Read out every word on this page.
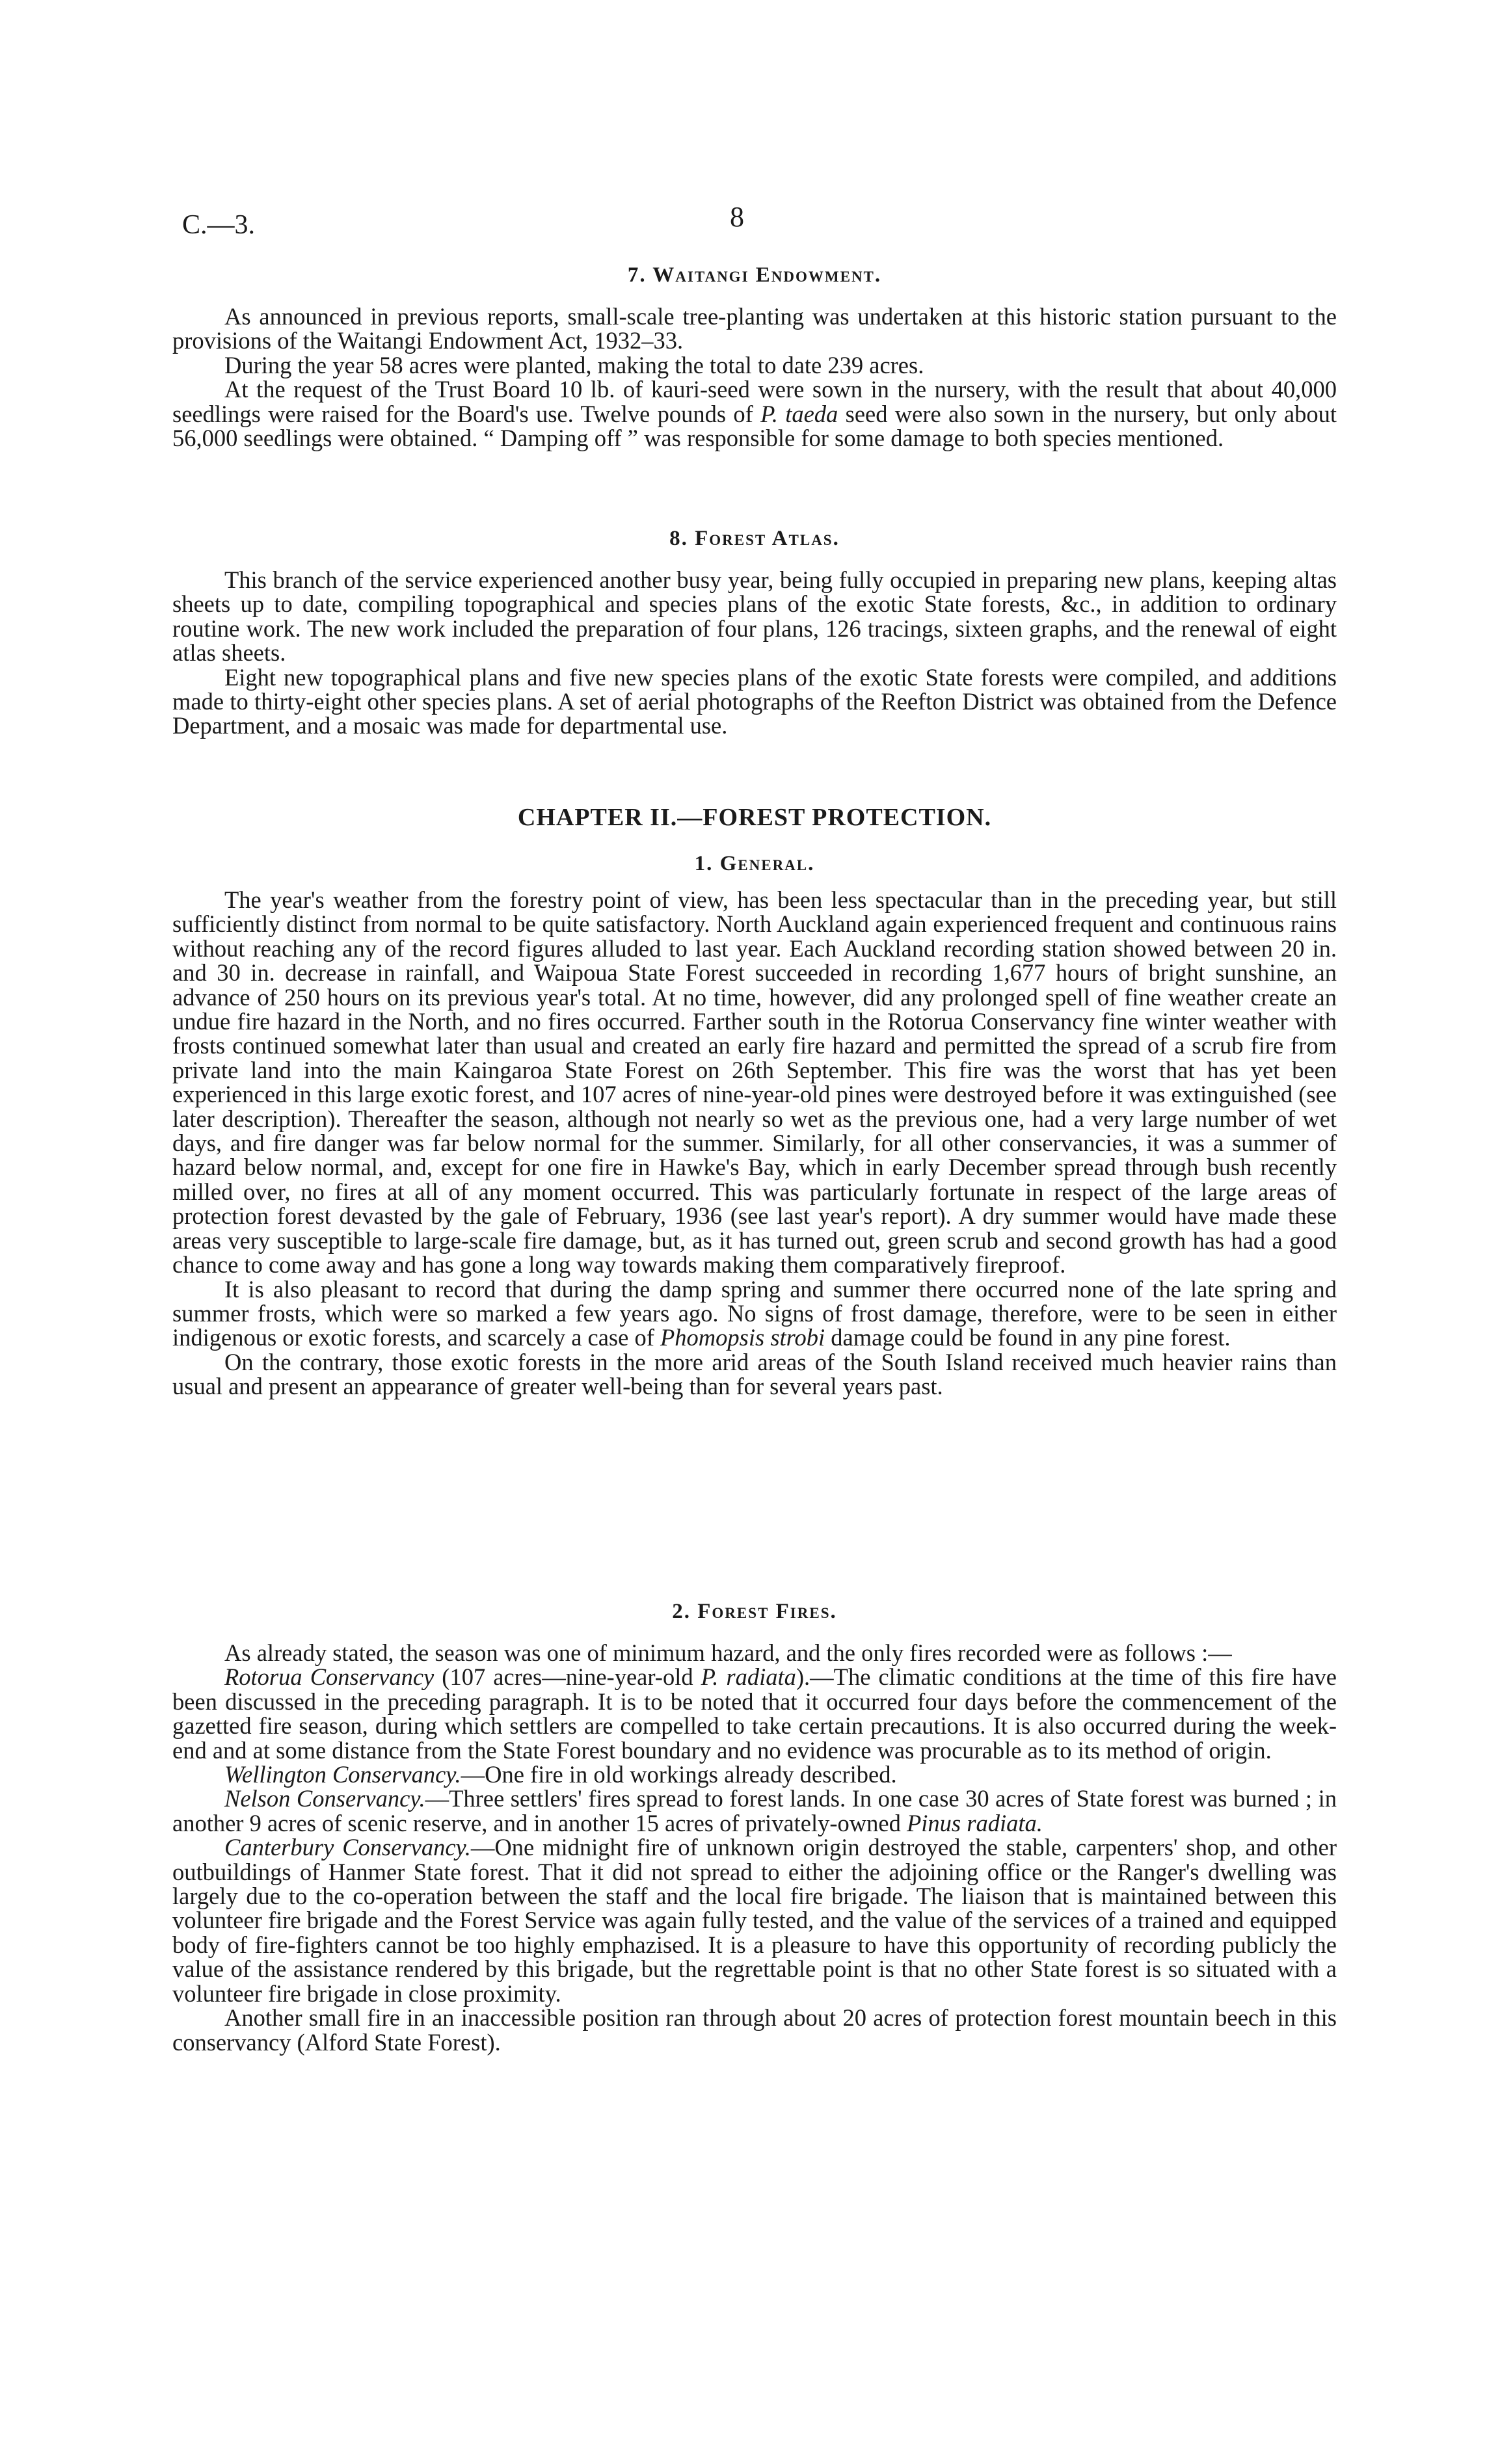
C.—3.	8
7. Waitangi Endowment.

As announced in previous reports, small-scale tree-planting was undertaken at this historic station pursuant to the provisions of the Waitangi Endowment Act, 1932–33.

During the year 58 acres were planted, making the total to date 239 acres.

At the request of the Trust Board 10 lb. of kauri-seed were sown in the nursery, with the result that about 40,000 seedlings were raised for the Board's use. Twelve pounds of P. taeda seed were also sown in the nursery, but only about 56,000 seedlings were obtained. “ Damping off ” was responsible for some damage to both species mentioned.

8. Forest Atlas.

This branch of the service experienced another busy year, being fully occupied in preparing new plans, keeping altas sheets up to date, compiling topographical and species plans of the exotic State forests, &c., in addition to ordinary routine work. The new work included the preparation of four plans, 126 tracings, sixteen graphs, and the renewal of eight atlas sheets.

Eight new topographical plans and five new species plans of the exotic State forests were compiled, and additions made to thirty-eight other species plans. A set of aerial photographs of the Reefton District was obtained from the Defence Department, and a mosaic was made for departmental use.

CHAPTER II.—FOREST PROTECTION.
1. General.

The year's weather from the forestry point of view, has been less spectacular than in the preceding year, but still sufficiently distinct from normal to be quite satisfactory. North Auckland again experienced frequent and continuous rains without reaching any of the record figures alluded to last year. Each Auckland recording station showed between 20 in. and 30 in. decrease in rainfall, and Waipoua State Forest succeeded in recording 1,677 hours of bright sunshine, an advance of 250 hours on its previous year's total. At no time, however, did any prolonged spell of fine weather create an undue fire hazard in the North, and no fires occurred. Farther south in the Rotorua Conservancy fine winter weather with frosts continued somewhat later than usual and created an early fire hazard and permitted the spread of a scrub fire from private land into the main Kaingaroa State Forest on 26th September. This fire was the worst that has yet been experienced in this large exotic forest, and 107 acres of nine-year-old pines were destroyed before it was extinguished (see later description). Thereafter the season, although not nearly so wet as the previous one, had a very large number of wet days, and fire danger was far below normal for the summer. Similarly, for all other conservancies, it was a summer of hazard below normal, and, except for one fire in Hawke's Bay, which in early December spread through bush recently milled over, no fires at all of any moment occurred. This was particularly fortunate in respect of the large areas of protection forest devasted by the gale of February, 1936 (see last year's report). A dry summer would have made these areas very susceptible to large-scale fire damage, but, as it has turned out, green scrub and second growth has had a good chance to come away and has gone a long way towards making them comparatively fireproof.

It is also pleasant to record that during the damp spring and summer there occurred none of the late spring and summer frosts, which were so marked a few years ago. No signs of frost damage, therefore, were to be seen in either indigenous or exotic forests, and scarcely a case of Phomopsis strobi damage could be found in any pine forest.

On the contrary, those exotic forests in the more arid areas of the South Island received much heavier rains than usual and present an appearance of greater well-being than for several years past.

2. Forest Fires.

As already stated, the season was one of minimum hazard, and the only fires recorded were as follows :—

Rotorua Conservancy (107 acres—nine-year-old P. radiata).—The climatic conditions at the time of this fire have been discussed in the preceding paragraph. It is to be noted that it occurred four days before the commencement of the gazetted fire season, during which settlers are compelled to take certain precautions. It is also occurred during the week-end and at some distance from the State Forest boundary and no evidence was procurable as to its method of origin.

Wellington Conservancy.—One fire in old workings already described.

Nelson Conservancy.—Three settlers' fires spread to forest lands. In one case 30 acres of State forest was burned ; in another 9 acres of scenic reserve, and in another 15 acres of privately-owned Pinus radiata.

Canterbury Conservancy.—One midnight fire of unknown origin destroyed the stable, carpenters' shop, and other outbuildings of Hanmer State forest. That it did not spread to either the adjoining office or the Ranger's dwelling was largely due to the co-operation between the staff and the local fire brigade. The liaison that is maintained between this volunteer fire brigade and the Forest Service was again fully tested, and the value of the services of a trained and equipped body of fire-fighters cannot be too highly emphazised. It is a pleasure to have this opportunity of recording publicly the value of the assistance rendered by this brigade, but the regrettable point is that no other State forest is so situated with a volunteer fire brigade in close proximity.

Another small fire in an inaccessible position ran through about 20 acres of protection forest mountain beech in this conservancy (Alford State Forest).
